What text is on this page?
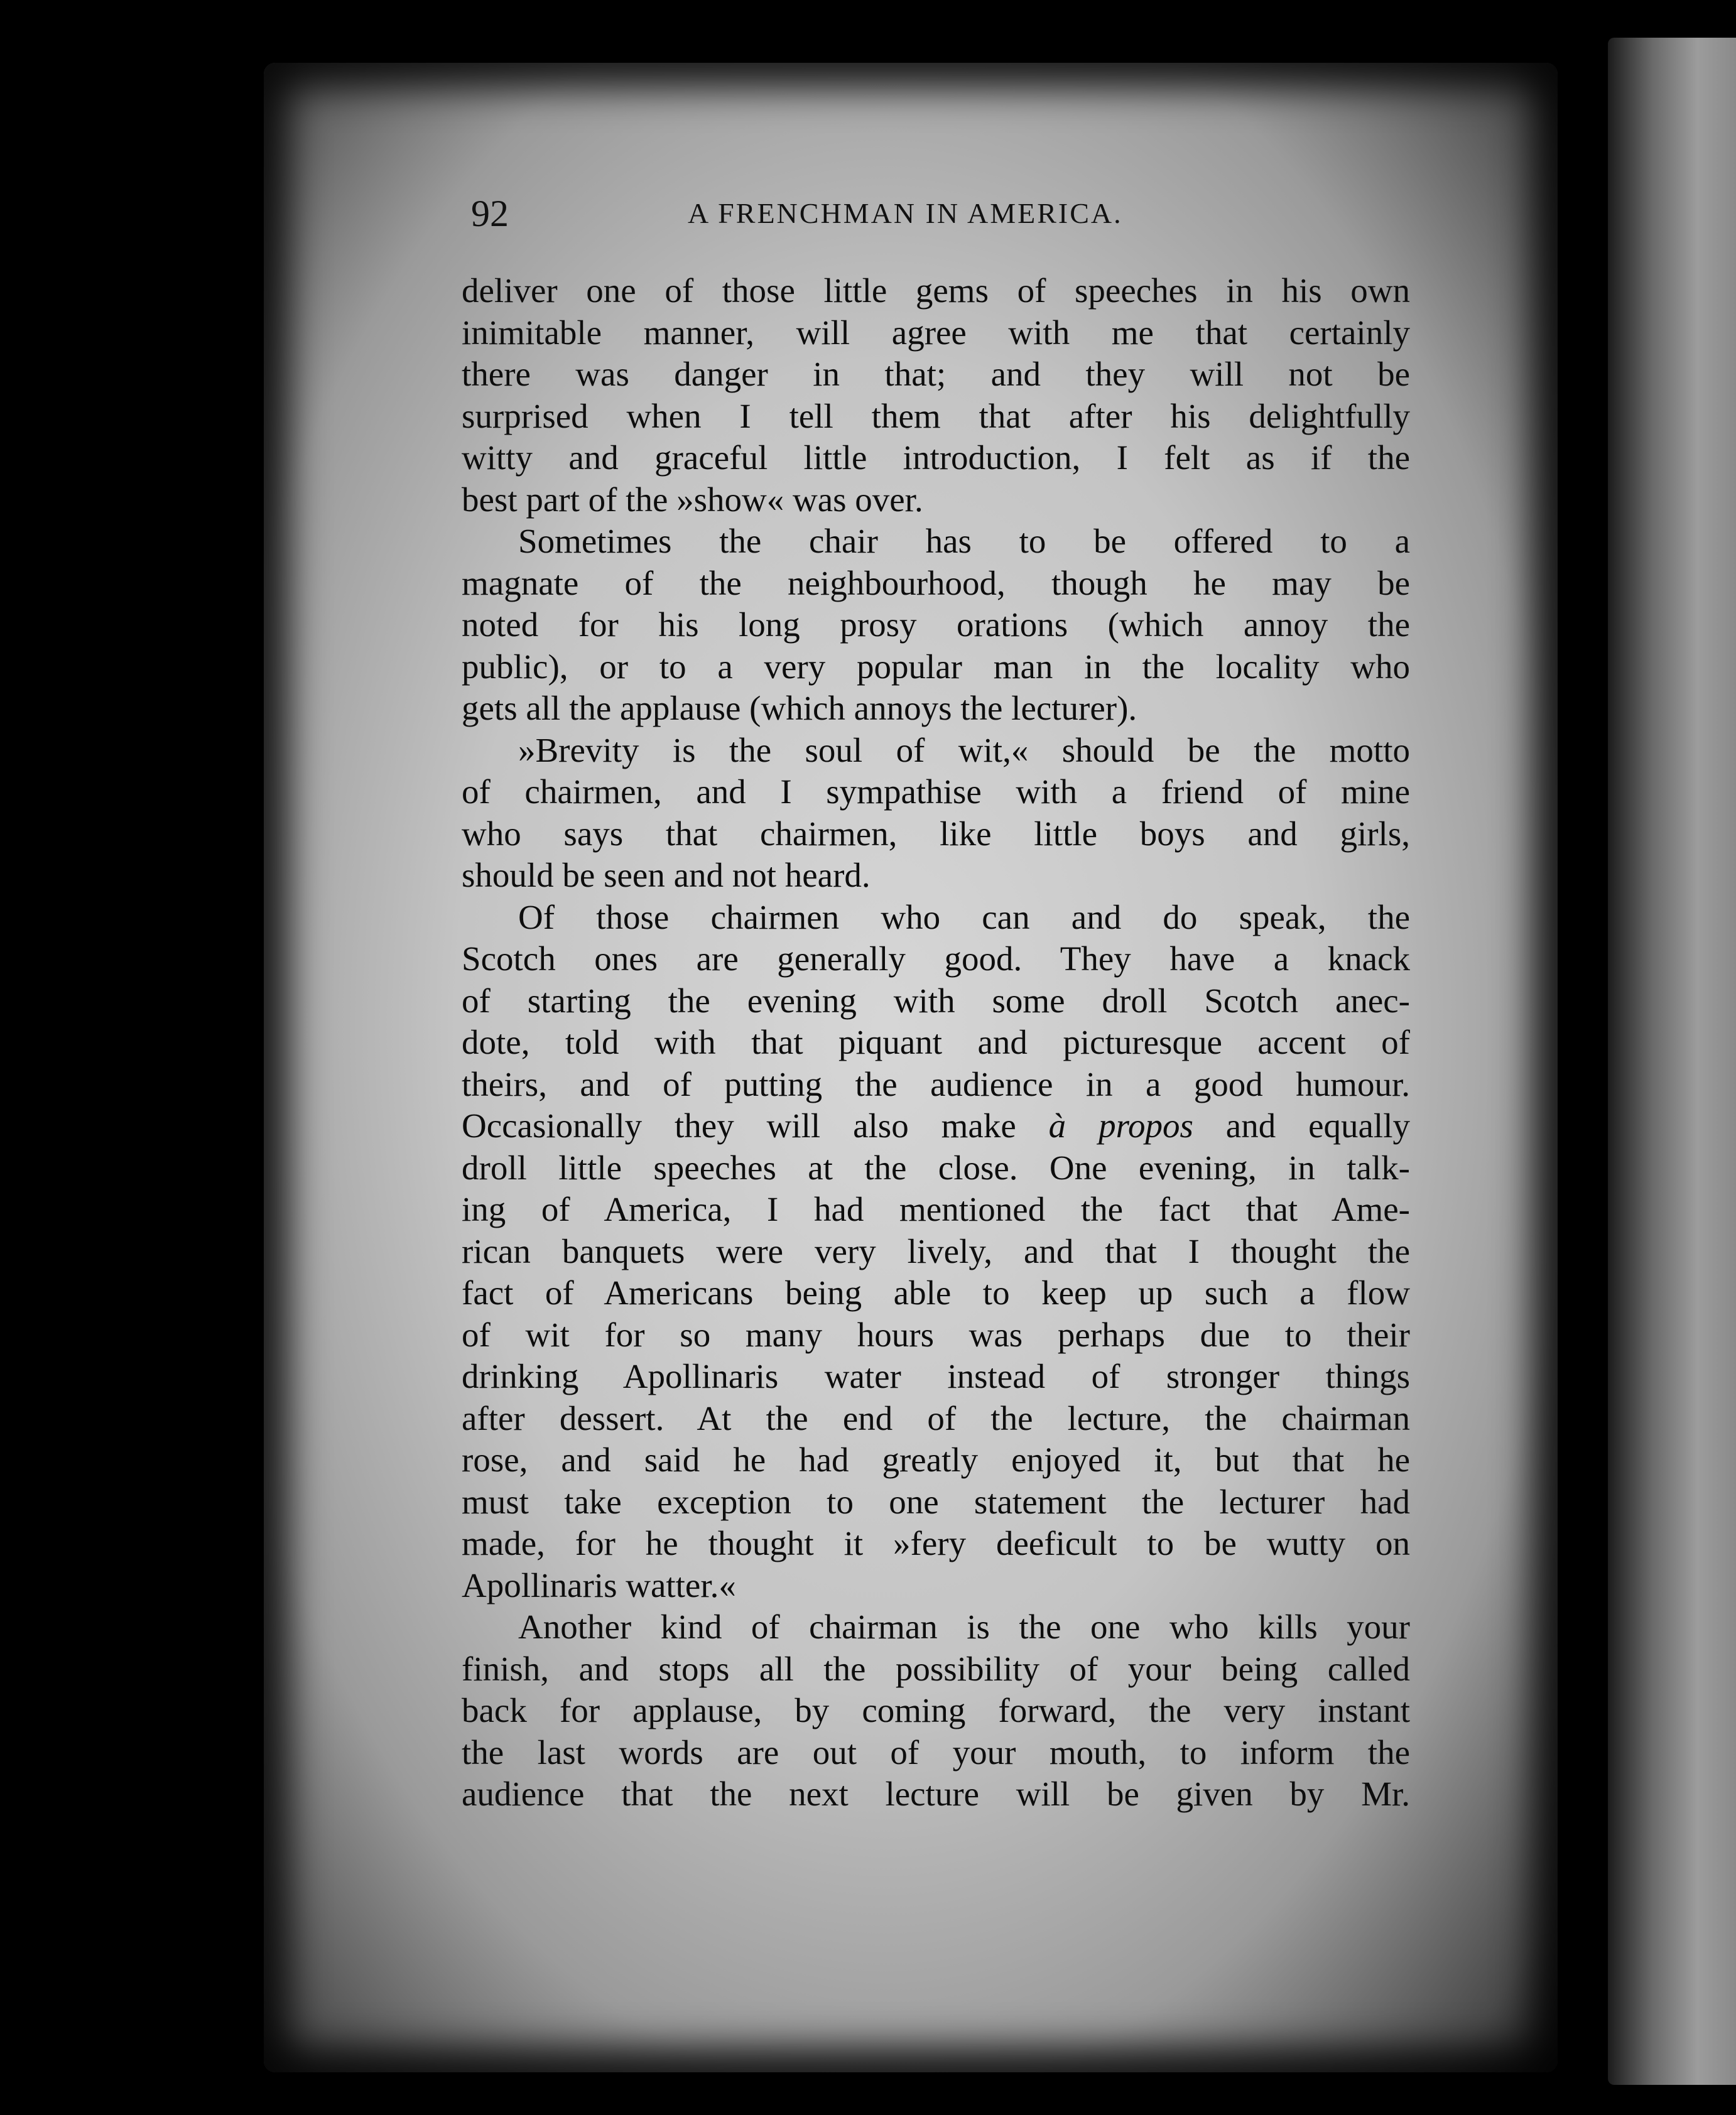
92	A FRENCHMAN IN AMERICA.

deliver one of those little gems of speeches in his own
inimitable manner, will agree with me that certainly
there was danger in that; and they will not be
surprised when I tell them that after his delightfully
witty and graceful little introduction, I felt as if the
best part of the »show« was over.

Sometimes the chair has to be offered to a
magnate of the neighbourhood, though he may be
noted for his long prosy orations (which annoy the
public), or to a very popular man in the locality who
gets all the applause (which annoys the lecturer).

»Brevity is the soul of wit,« should be the motto
of chairmen, and I sympathise with a friend of mine
who says that chairmen, like little boys and girls,
should be seen and not heard.

Of those chairmen who can and do speak, the
Scotch ones are generally good. They have a knack
of starting the evening with some droll Scotch anec-
dote, told with that piquant and picturesque accent of
theirs, and of putting the audience in a good humour.
Occasionally they will also make à propos and equally
droll little speeches at the close. One evening, in talk-
ing of America, I had mentioned the fact that Ame-
rican banquets were very lively, and that I thought the
fact of Americans being able to keep up such a flow
of wit for so many hours was perhaps due to their
drinking Apollinaris water instead of stronger things
after dessert. At the end of the lecture, the chairman
rose, and said he had greatly enjoyed it, but that he
must take exception to one statement the lecturer had
made, for he thought it »fery deeficult to be wutty on
Apollinaris watter.«

Another kind of chairman is the one who kills your
finish, and stops all the possibility of your being called
back for applause, by coming forward, the very instant
the last words are out of your mouth, to inform the
audience that the next lecture will be given by Mr.
